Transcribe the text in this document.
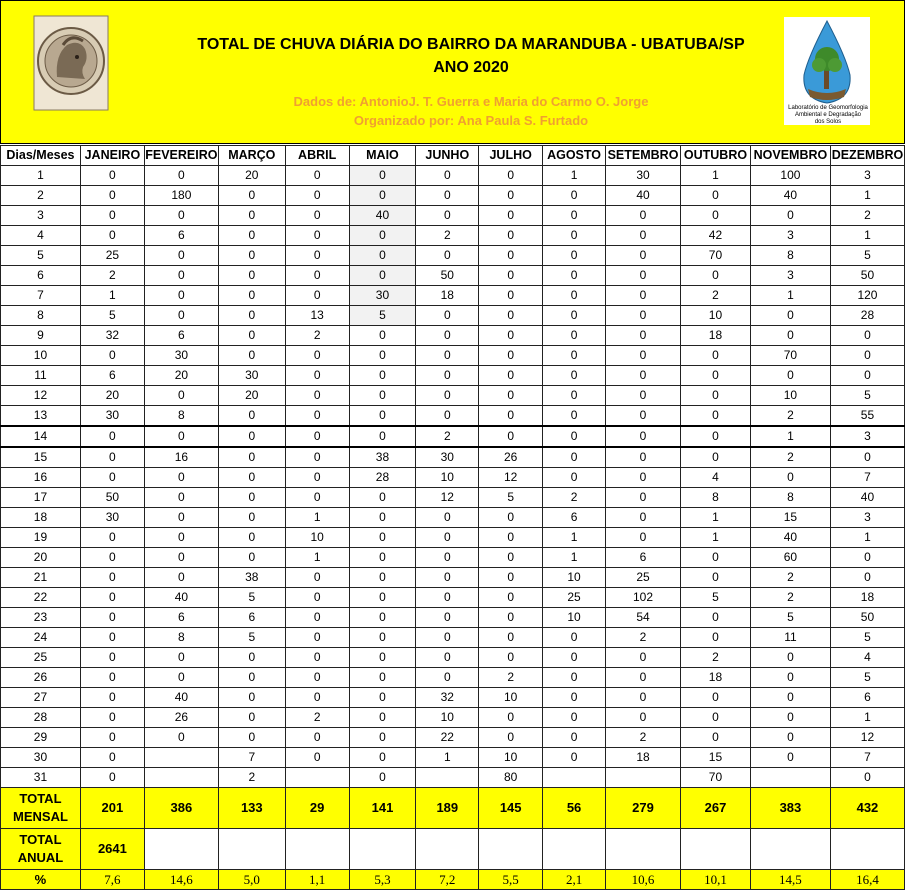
TOTAL DE CHUVA DIÁRIA DO BAIRRO DA MARANDUBA - UBATUBA/SP
ANO 2020
Dados de: AntonioJ. T. Guerra e Maria do Carmo O. Jorge
Organizado por: Ana Paula S. Furtado
Laboratório de Geomorfologia
Ambiental e Degradação
dos Solos
Dias/Meses	JANEIRO	FEVEREIRO	MARÇO	ABRIL	MAIO	JUNHO	JULHO	AGOSTO	SETEMBRO	OUTUBRO	NOVEMBRO	DEZEMBRO
1	0	0	20	0	0	0	0	1	30	1	100	3
2	0	180	0	0	0	0	0	0	40	0	40	1
3	0	0	0	0	40	0	0	0	0	0	0	2
4	0	6	0	0	0	2	0	0	0	42	3	1
5	25	0	0	0	0	0	0	0	0	70	8	5
6	2	0	0	0	0	50	0	0	0	0	3	50
7	1	0	0	0	30	18	0	0	0	2	1	120
8	5	0	0	13	5	0	0	0	0	10	0	28
9	32	6	0	2	0	0	0	0	0	18	0	0
10	0	30	0	0	0	0	0	0	0	0	70	0
11	6	20	30	0	0	0	0	0	0	0	0	0
12	20	0	20	0	0	0	0	0	0	0	10	5
13	30	8	0	0	0	0	0	0	0	0	2	55
14	0	0	0	0	0	2	0	0	0	0	1	3
15	0	16	0	0	38	30	26	0	0	0	2	0
16	0	0	0	0	28	10	12	0	0	4	0	7
17	50	0	0	0	0	12	5	2	0	8	8	40
18	30	0	0	1	0	0	0	6	0	1	15	3
19	0	0	0	10	0	0	0	1	0	1	40	1
20	0	0	0	1	0	0	0	1	6	0	60	0
21	0	0	38	0	0	0	0	10	25	0	2	0
22	0	40	5	0	0	0	0	25	102	5	2	18
23	0	6	6	0	0	0	0	10	54	0	5	50
24	0	8	5	0	0	0	0	0	2	0	11	5
25	0	0	0	0	0	0	0	0	0	2	0	4
26	0	0	0	0	0	0	2	0	0	18	0	5
27	0	40	0	0	0	32	10	0	0	0	0	6
28	0	26	0	2	0	10	0	0	0	0	0	1
29	0	0	0	0	0	22	0	0	2	0	0	12
30	0		7	0	0	1	10	0	18	15	0	7
31	0		2		0		80			70		0

TOTAL
MENSAL	201	386	133	29	141	189	145	56	279	267	383	432

TOTAL
ANUAL	2641											
%	7,6	14,6	5,0	1,1	5,3	7,2	5,5	2,1	10,6	10,1	14,5	16,4
